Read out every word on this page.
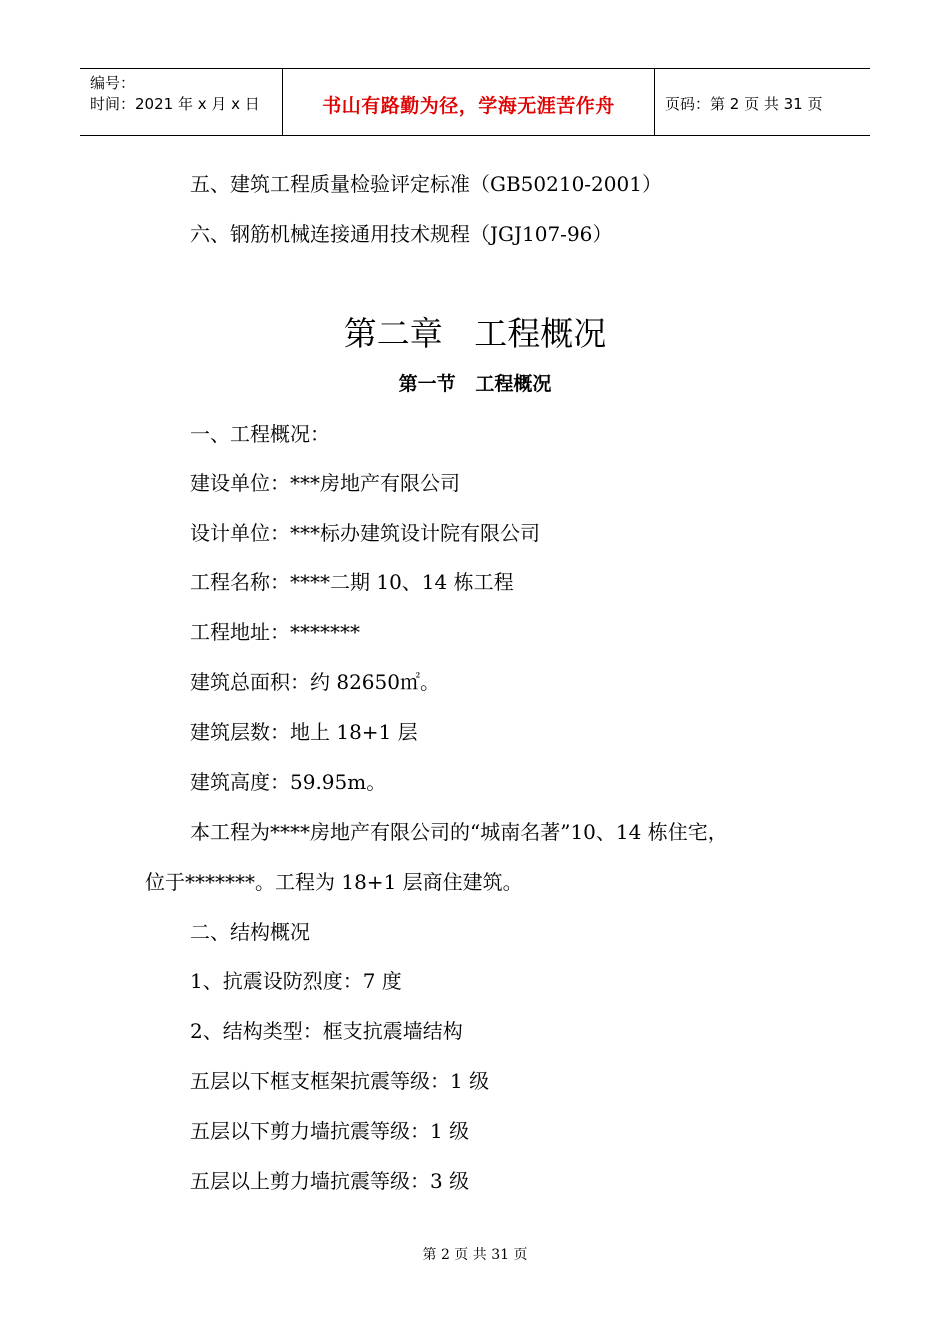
编号：
时间：2021 年 x 月 x 日	书山有路勤为径，学海无涯苦作舟	页码：第 2 页 共 31 页
五、建筑工程质量检验评定标准（GB50210-2001）
六、钢筋机械连接通用技术规程（JGJ107-96）
第二章   工程概况
第一节   工程概况
一、工程概况：
建设单位：***房地产有限公司
设计单位：***标办建筑设计院有限公司
工程名称：****二期 10、14 栋工程
工程地址：*******
建筑总面积：约 82650㎡。
建筑层数：地上 18+1 层
建筑高度：59.95m。
本工程为****房地产有限公司的“城南名著”10、14 栋住宅，
位于*******。工程为 18+1 层商住建筑。
二、结构概况
1、抗震设防烈度：7 度
2、结构类型：框支抗震墙结构
五层以下框支框架抗震等级：1 级
五层以下剪力墙抗震等级：1 级
五层以上剪力墙抗震等级：3 级
第 2 页 共 31 页
